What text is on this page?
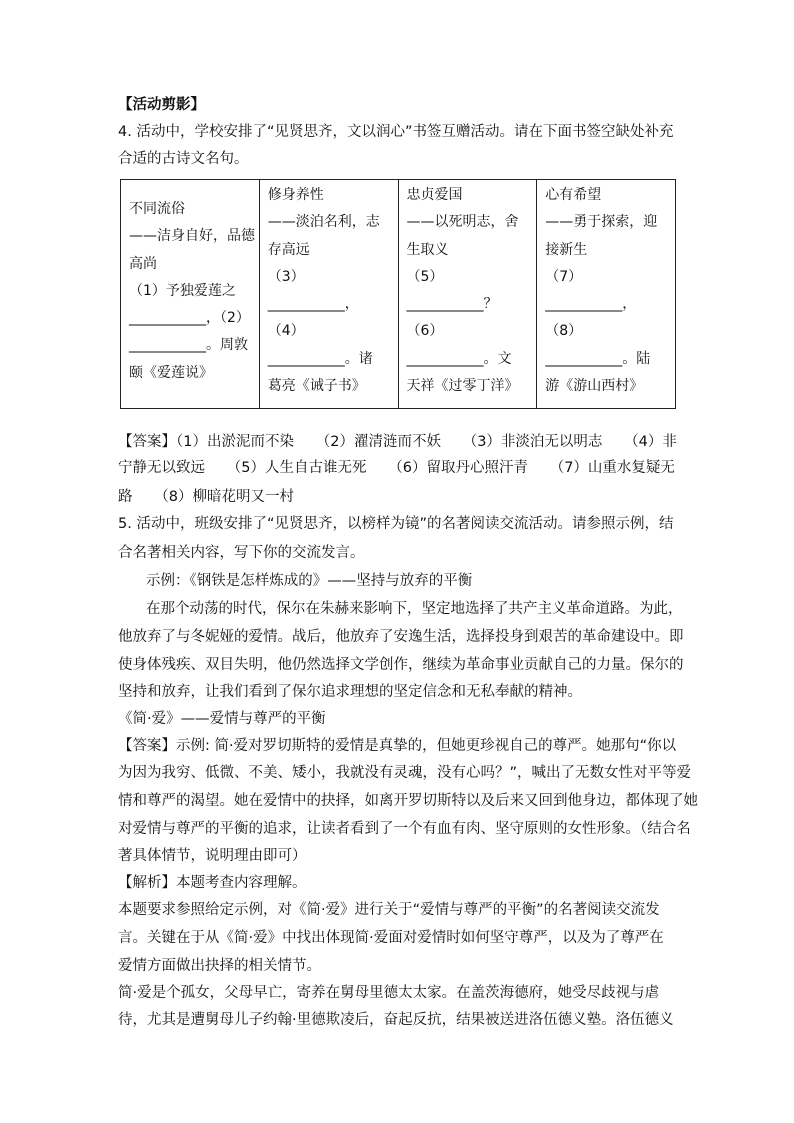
【活动剪影】
4. 活动中，学校安排了“见贤思齐，文以润心”书签互赠活动。请在下面书签空缺处补充
合适的古诗文名句。
不同流俗
——洁身自好，品德
高尚
（1）予独爱莲之
___________，（2）
___________。周敦
颐《爱莲说》

修身养性
——淡泊名利，志
存高远
（3）
___________，
（4）
___________。诸
葛亮《诫子书》

忠贞爱国
——以死明志，舍
生取义
（5）
___________？
（6）
___________。文
天祥《过零丁洋》

心有希望
——勇于探索，迎
接新生
（7）
___________，
（8）
___________。陆
游《游山西村》
【答案】（1）出淤泥而不染　　（2）濯清涟而不妖　　（3）非淡泊无以明志　　（4）非
宁静无以致远　　（5）人生自古谁无死　　（6）留取丹心照汗青　　（7）山重水复疑无
路　　（8）柳暗花明又一村
5. 活动中，班级安排了“见贤思齐，以榜样为镜”的名著阅读交流活动。请参照示例，结
合名著相关内容，写下你的交流发言。
示例：《钢铁是怎样炼成的》——坚持与放弃的平衡
在那个动荡的时代，保尔在朱赫来影响下，坚定地选择了共产主义革命道路。为此，
他放弃了与冬妮娅的爱情。战后，他放弃了安逸生活，选择投身到艰苦的革命建设中。即
使身体残疾、双目失明，他仍然选择文学创作，继续为革命事业贡献自己的力量。保尔的
坚持和放弃，让我们看到了保尔追求理想的坚定信念和无私奉献的精神。
《简·爱》——爱情与尊严的平衡
【答案】示例: 简·爱对罗切斯特的爱情是真挚的，但她更珍视自己的尊严。她那句“你以
为因为我穷、低微、不美、矮小，我就没有灵魂，没有心吗？”，喊出了无数女性对平等爱
情和尊严的渴望。她在爱情中的抉择，如离开罗切斯特以及后来又回到他身边，都体现了她
对爱情与尊严的平衡的追求，让读者看到了一个有血有肉、坚守原则的女性形象。（结合名
著具体情节，说明理由即可）
【解析】本题考查内容理解。
本题要求参照给定示例，对《简·爱》进行关于“爱情与尊严的平衡”的名著阅读交流发
言。关键在于从《简·爱》中找出体现简·爱面对爱情时如何坚守尊严，以及为了尊严在
爱情方面做出抉择的相关情节。
简·爱是个孤女，父母早亡，寄养在舅母里德太太家。在盖茨海德府，她受尽歧视与虐
待，尤其是遭舅母儿子约翰·里德欺凌后，奋起反抗，结果被送进洛伍德义塾。洛伍德义
